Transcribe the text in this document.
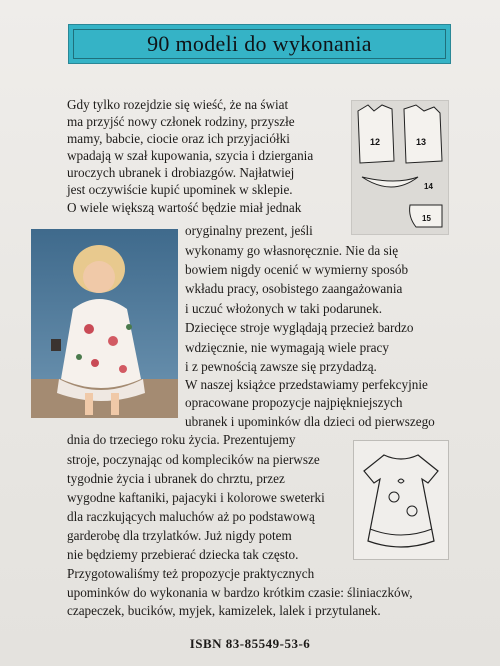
90 modeli do wykonania
12	13
14
15
Gdy tylko rozejdzie się wieść, że na świat
ma przyjść nowy członek rodziny, przyszłe
mamy, babcie, ciocie oraz ich przyjaciółki
wpadają w szał kupowania, szycia i dziergania
uroczych ubranek i drobiazgów. Najłatwiej
jest oczywiście kupić upominek w sklepie.
O wiele większą wartość będzie miał jednak
oryginalny prezent, jeśli
wykonamy go własnoręcznie. Nie da się
bowiem nigdy ocenić w wymierny sposób
wkładu pracy, osobistego zaangażowania
i uczuć włożonych w taki podarunek.
Dziecięce stroje wyglądają przecież bardzo
wdzięcznie, nie wymagają wiele pracy
i z pewnością zawsze się przydadzą.
W naszej książce przedstawiamy perfekcyjnie
opracowane propozycje najpiękniejszych
ubranek i upominków dla dzieci od pierwszego
dnia do trzeciego roku życia. Prezentujemy
stroje, poczynając od komplecików na pierwsze
tygodnie życia i ubranek do chrztu, przez
wygodne kaftaniki, pajacyki i kolorowe sweterki
dla raczkujących maluchów aż po podstawową
garderobę dla trzylatków. Już nigdy potem
nie będziemy przebierać dziecka tak często.
Przygotowaliśmy też propozycje praktycznych
upominków do wykonania w bardzo krótkim czasie: śliniaczków,
czapeczek, bucików, myjek, kamizelek, lalek i przytulanek.
ISBN 83-85549-53-6
